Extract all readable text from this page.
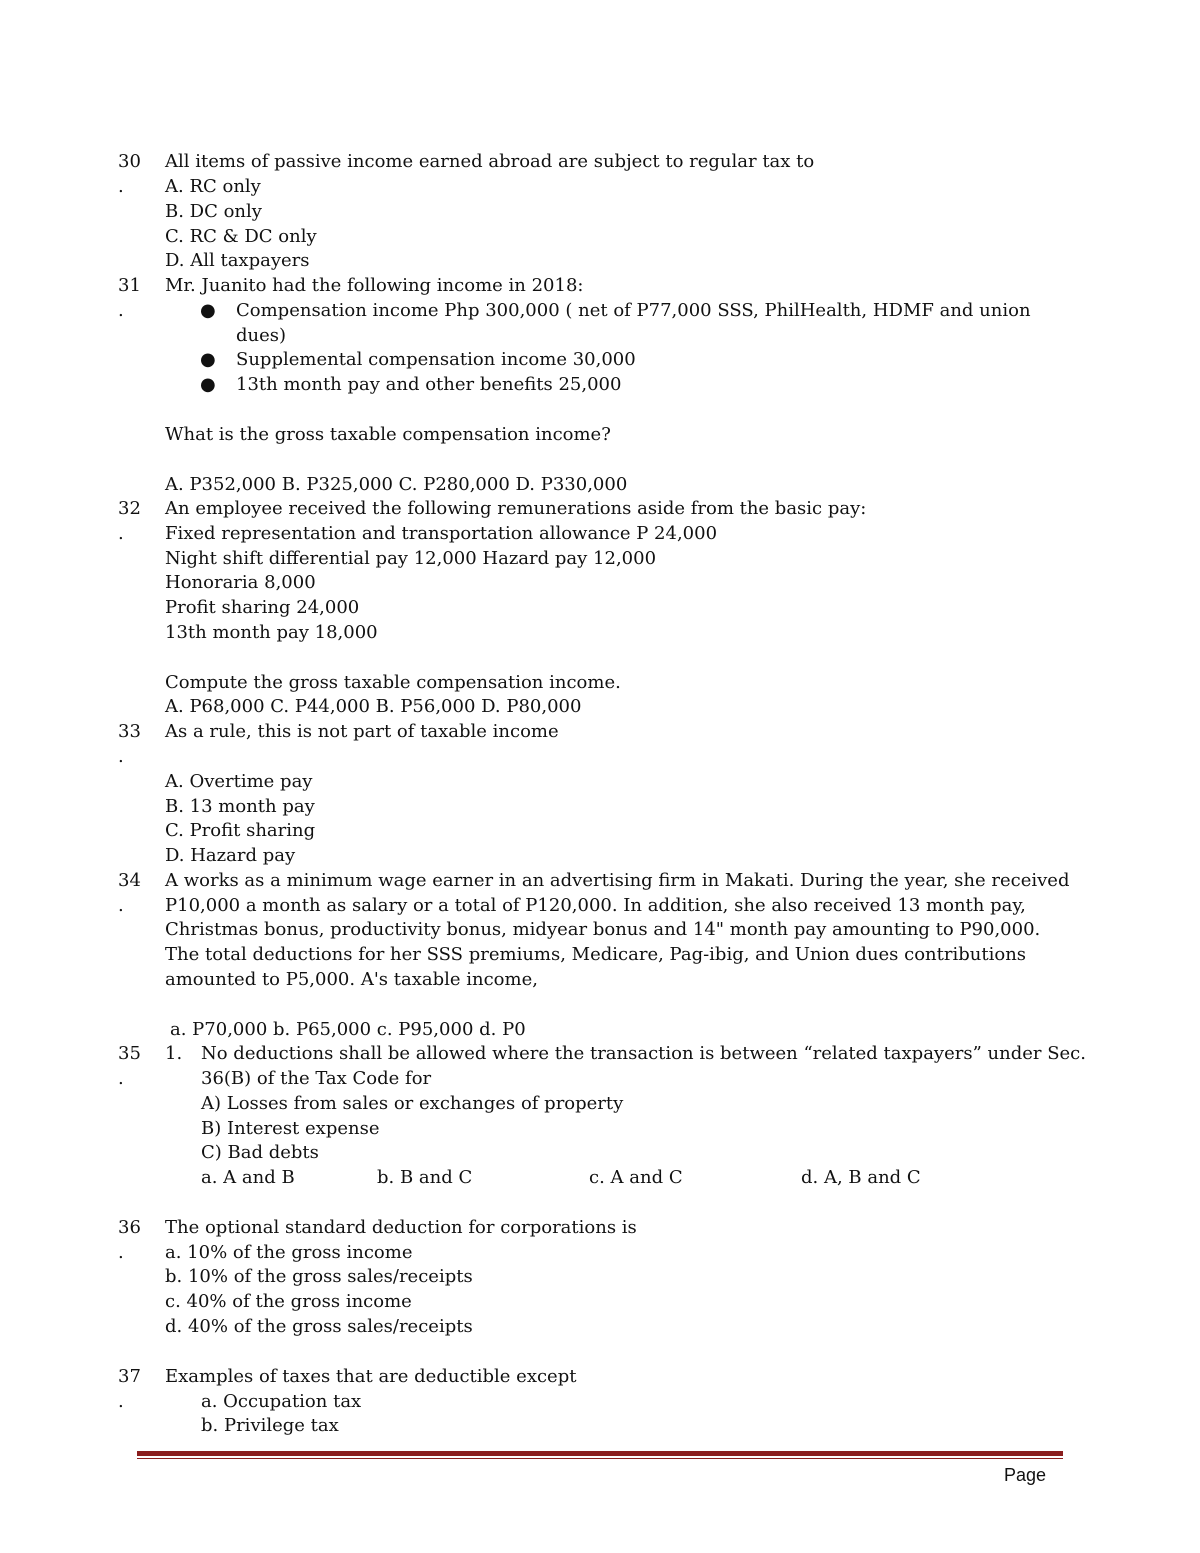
30
.
All items of passive income earned abroad are subject to regular tax to
A. RC only
B. DC only
C. RC & DC only
D. All taxpayers
31
.
Mr. Juanito had the following income in 2018:
● Compensation income Php 300,000 ( net of P77,000 SSS, PhilHealth, HDMF and union
dues)
● Supplemental compensation income 30,000
● 13th month pay and other benefits 25,000
What is the gross taxable compensation income?
A. P352,000 B. P325,000 C. P280,000 D. P330,000
32
.
An employee received the following remunerations aside from the basic pay:
Fixed representation and transportation allowance P 24,000
Night shift differential pay 12,000 Hazard pay 12,000
Honoraria 8,000
Profit sharing 24,000
13th month pay 18,000
Compute the gross taxable compensation income.
A. P68,000 C. P44,000 B. P56,000 D. P80,000
33
.
As a rule, this is not part of taxable income
A. Overtime pay
B. 13 month pay
C. Profit sharing
D. Hazard pay
34
.
A works as a minimum wage earner in an advertising firm in Makati. During the year, she received
P10,000 a month as salary or a total of P120,000. In addition, she also received 13 month pay,
Christmas bonus, productivity bonus, midyear bonus and 14" month pay amounting to P90,000.
The total deductions for her SSS premiums, Medicare, Pag-ibig, and Union dues contributions
amounted to P5,000. A's taxable income,
a. P70,000 b. P65,000 c. P95,000 d. P0
35
.
1. No deductions shall be allowed where the transaction is between “related taxpayers” under Sec.
36(B) of the Tax Code for
A) Losses from sales or exchanges of property
B) Interest expense
C) Bad debts
a. A and B	b. B and C	c. A and C	d. A, B and C
36
.
The optional standard deduction for corporations is
a. 10% of the gross income
b. 10% of the gross sales/receipts
c. 40% of the gross income
d. 40% of the gross sales/receipts
37
.
Examples of taxes that are deductible except
a. Occupation tax
b. Privilege tax
Page
